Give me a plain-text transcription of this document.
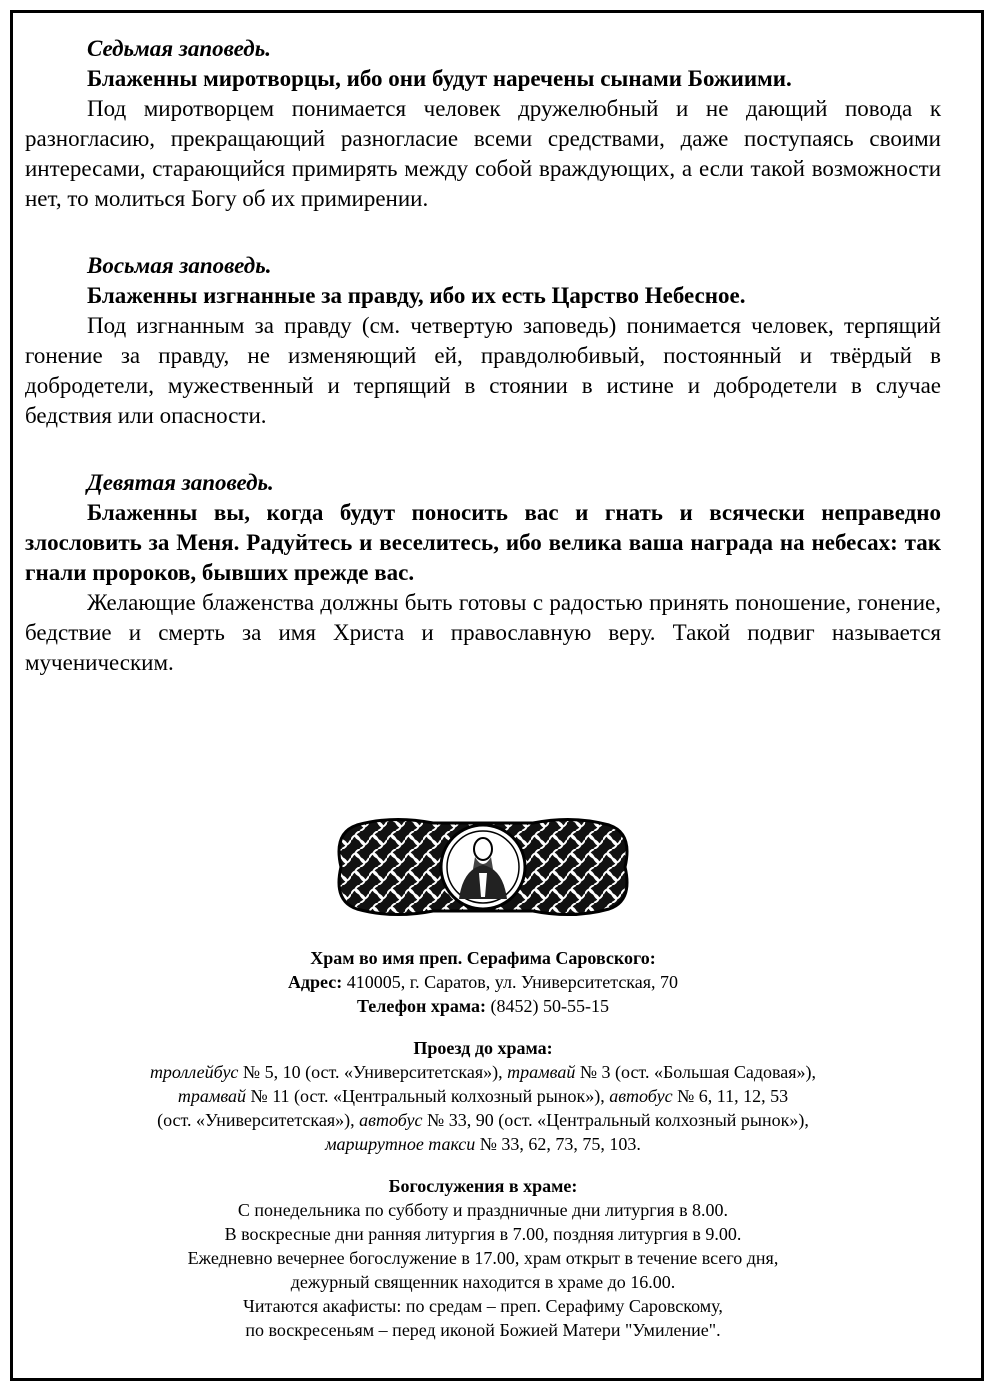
Седьмая заповедь.

Блаженны миротворцы, ибо они будут наречены сынами Божиими.

Под миротворцем понимается человек дружелюбный и не дающий повода к разногласию, прекращающий разногласие всеми средствами, даже поступаясь своими интересами, старающийся примирять между собой враждующих, а если такой возможности нет, то молиться Богу об их примирении.

Восьмая заповедь.

Блаженны изгнанные за правду, ибо их есть Царство Небесное.

Под изгнанным за правду (см. четвертую заповедь) понимается человек, терпящий гонение за правду, не изменяющий ей, правдолюбивый, постоянный и твёрдый в добродетели, мужественный и терпящий в стоянии в истине и добродетели в случае бедствия или опасности.

Девятая заповедь.

Блаженны вы, когда будут поносить вас и гнать и всячески неправедно злословить за Меня. Радуйтесь и веселитесь, ибо велика ваша награда на небесах: так гнали пророков, бывших прежде вас.

Желающие блаженства должны быть готовы с радостью принять поношение, гонение, бедствие и смерть за имя Христа и православную веру. Такой подвиг называется мученическим.

Храм во имя преп. Серафима Саровского:

Адрес: 410005, г. Саратов, ул. Университетская, 70

Телефон храма: (8452) 50-55-15

Проезд до храма:

троллейбус № 5, 10 (ост. «Университетская»), трамвай № 3 (ост. «Большая Садовая»),

трамвай № 11 (ост. «Центральный колхозный рынок»), автобус № 6, 11, 12, 53

(ост. «Университетская»), автобус № 33, 90 (ост. «Центральный колхозный рынок»),

маршрутное такси № 33, 62, 73, 75, 103.

Богослужения в храме:

С понедельника по субботу и праздничные дни литургия в 8.00.

В воскресные дни ранняя литургия в 7.00, поздняя литургия в 9.00.

Ежедневно вечернее богослужение в 17.00, храм открыт в течение всего дня,

дежурный священник находится в храме до 16.00.

Читаются акафисты: по средам – преп. Серафиму Саровскому,

по воскресеньям – перед иконой Божией Матери "Умиление".
